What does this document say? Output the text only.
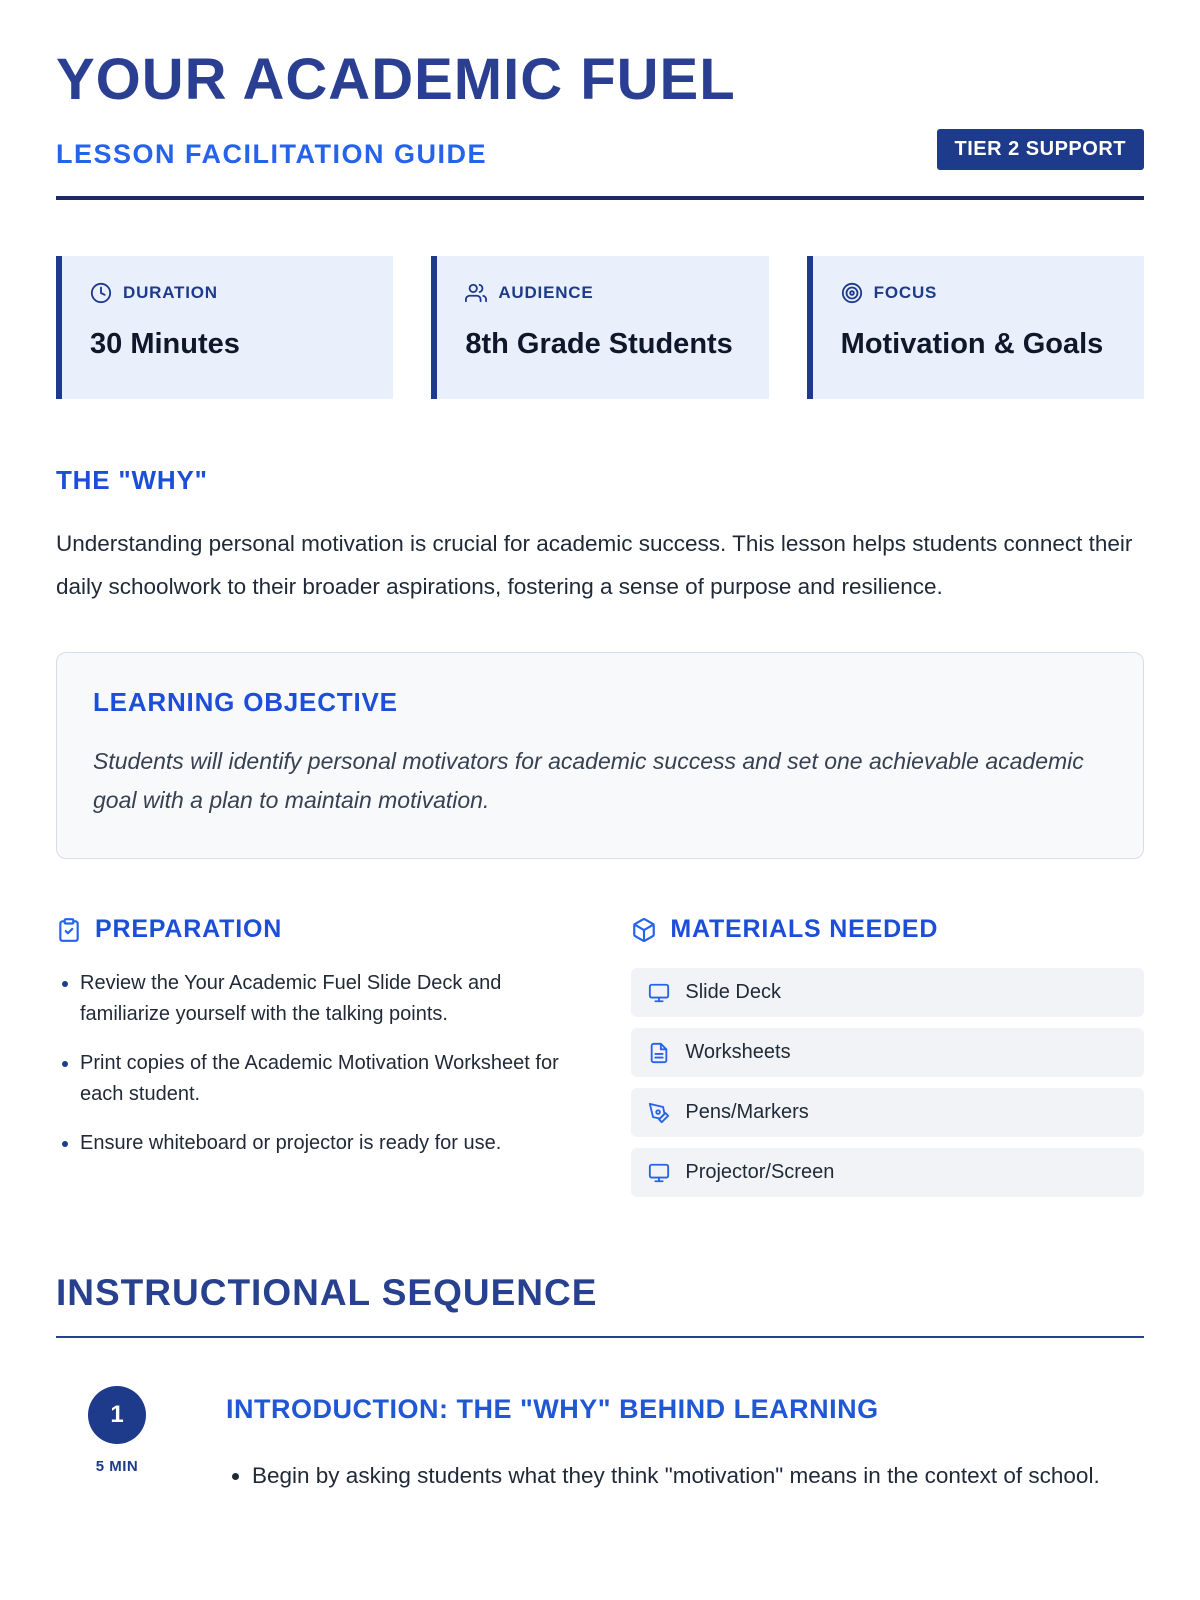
YOUR ACADEMIC FUEL
LESSON FACILITATION GUIDE	TIER 2 SUPPORT
DURATION
30 Minutes
AUDIENCE
8th Grade Students
FOCUS
Motivation & Goals
THE "WHY"

Understanding personal motivation is crucial for academic success. This lesson helps students connect their daily schoolwork to their broader aspirations, fostering a sense of purpose and resilience.

LEARNING OBJECTIVE

Students will identify personal motivators for academic success and set one achievable academic goal with a plan to maintain motivation.

PREPARATION
• Review the Your Academic Fuel Slide Deck and familiarize yourself with the talking points.
• Print copies of the Academic Motivation Worksheet for each student.
• Ensure whiteboard or projector is ready for use.
MATERIALS NEEDED
Slide Deck
Worksheets
Pens/Markers
Projector/Screen
INSTRUCTIONAL SEQUENCE
1
5 MIN
INTRODUCTION: THE "WHY" BEHIND LEARNING
• Begin by asking students what they think "motivation" means in the context of school.
